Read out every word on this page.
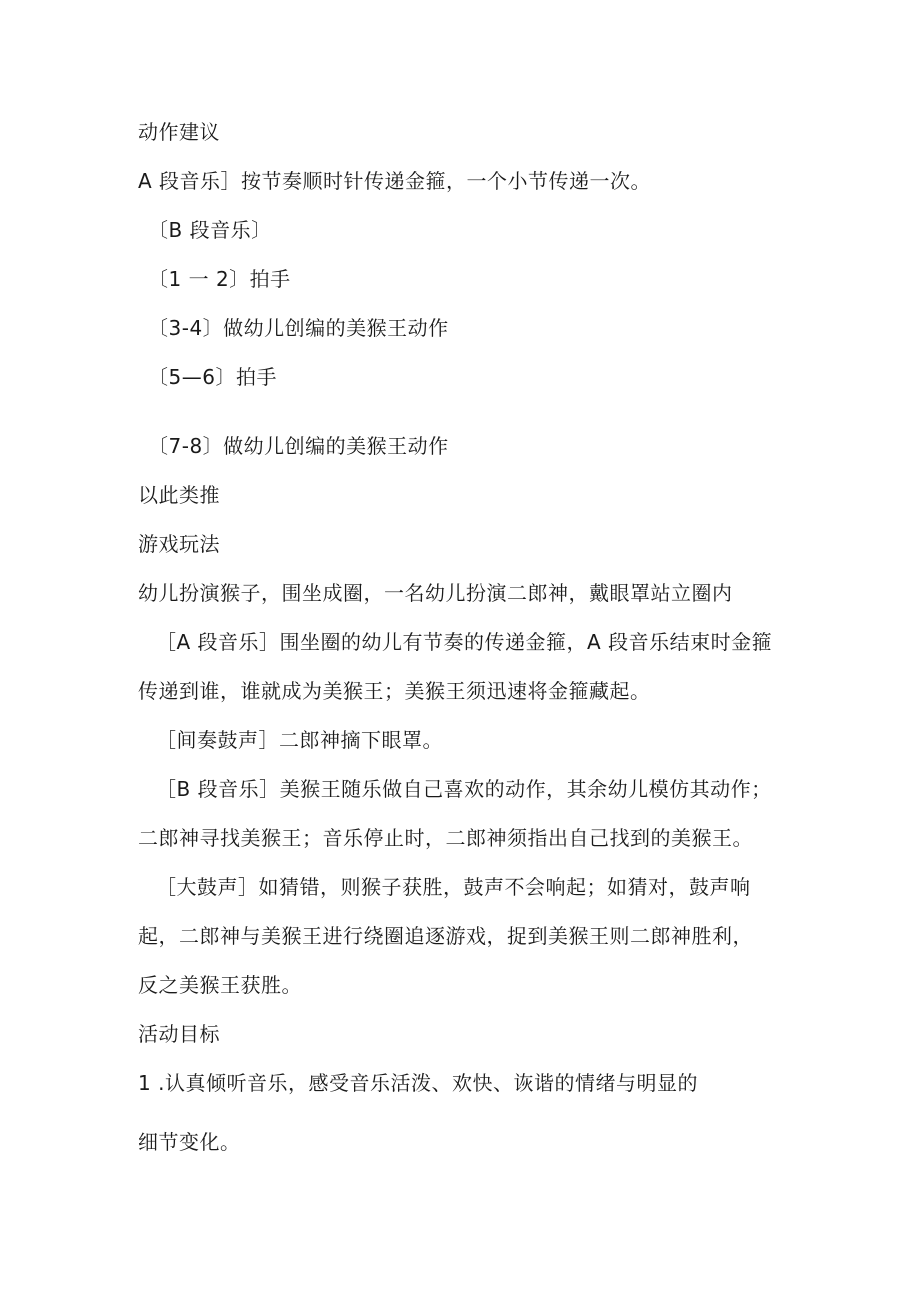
动作建议
A 段音乐］按节奏顺时针传递金箍，一个小节传递一次。
〔B 段音乐〕
〔1 一 2〕拍手
〔3-4〕做幼儿创编的美猴王动作
〔5—6〕拍手
〔7-8〕做幼儿创编的美猴王动作
以此类推
游戏玩法
幼儿扮演猴子，围坐成圈，一名幼儿扮演二郎神，戴眼罩站立圈内
［A 段音乐］围坐圈的幼儿有节奏的传递金箍，A 段音乐结束时金箍
传递到谁，谁就成为美猴王；美猴王须迅速将金箍藏起。
［间奏鼓声］二郎神摘下眼罩。
［B 段音乐］美猴王随乐做自己喜欢的动作，其余幼儿模仿其动作；
二郎神寻找美猴王；音乐停止时，二郎神须指出自己找到的美猴王。
［大鼓声］如猜错，则猴子获胜，鼓声不会响起；如猜对，鼓声响
起，二郎神与美猴王进行绕圈追逐游戏，捉到美猴王则二郎神胜利，
反之美猴王获胜。
活动目标
1 .认真倾听音乐，感受音乐活泼、欢快、诙谐的情绪与明显的
细节变化。
